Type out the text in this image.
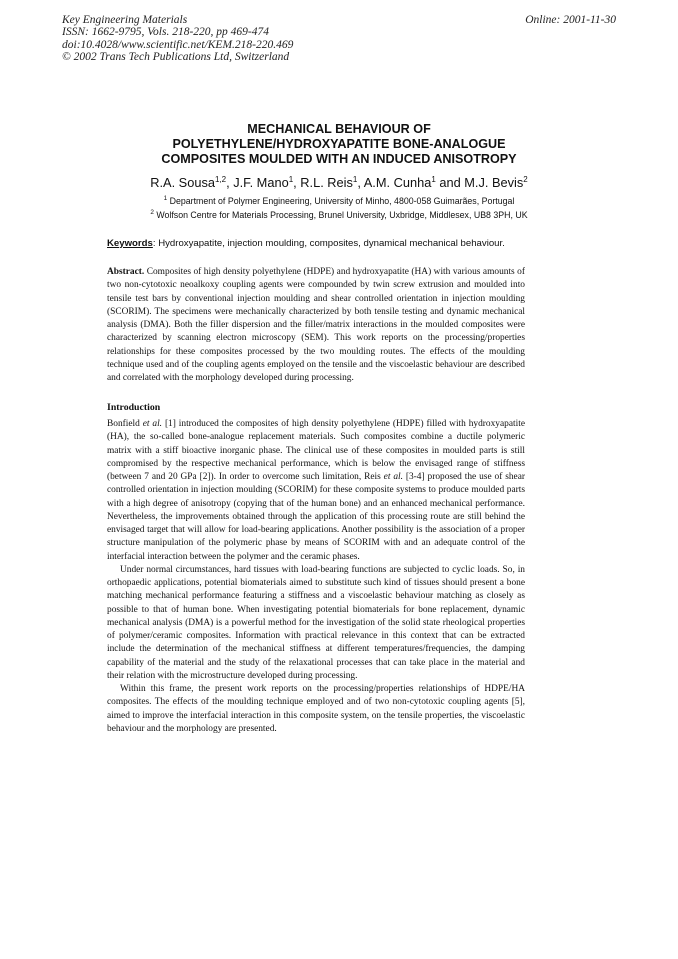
Key Engineering Materials
ISSN: 1662-9795, Vols. 218-220, pp 469-474
doi:10.4028/www.scientific.net/KEM.218-220.469
© 2002 Trans Tech Publications Ltd, Switzerland
Online: 2001-11-30
MECHANICAL BEHAVIOUR OF
POLYETHYLENE/HYDROXYAPATITE BONE-ANALOGUE
COMPOSITES MOULDED WITH AN INDUCED ANISOTROPY
R.A. Sousa$^{1,2}$, J.F. Mano$^1$, R.L. Reis$^1$, A.M. Cunha$^1$ and M.J. Bevis$^2$
$^1$ Department of Polymer Engineering, University of Minho, 4800-058 Guimarães, Portugal
$^2$ Wolfson Centre for Materials Processing, Brunel University, Uxbridge, Middlesex, UB8 3PH, UK
Keywords: Hydroxyapatite, injection moulding, composites, dynamical mechanical behaviour.

Abstract. Composites of high density polyethylene (HDPE) and hydroxyapatite (HA) with various amounts of two non-cytotoxic neoalkoxy coupling agents were compounded by twin screw extrusion and moulded into tensile test bars by conventional injection moulding and shear controlled orientation in injection moulding (SCORIM). The specimens were mechanically characterized by both tensile testing and dynamic mechanical analysis (DMA). Both the filler dispersion and the filler/matrix interactions in the moulded composites were characterized by scanning electron microscopy (SEM). This work reports on the processing/properties relationships for these composites processed by the two moulding routes. The effects of the moulding technique used and of the coupling agents employed on the tensile and the viscoelastic behaviour are described and correlated with the morphology developed during processing.

Introduction

Bonfield et al. [1] introduced the composites of high density polyethylene (HDPE) filled with hydroxyapatite (HA), the so-called bone-analogue replacement materials. Such composites combine a ductile polymeric matrix with a stiff bioactive inorganic phase. The clinical use of these composites in moulded parts is still compromised by the respective mechanical performance, which is below the envisaged range of stiffness (between 7 and 20 GPa [2]). In order to overcome such limitation, Reis et al. [3-4] proposed the use of shear controlled orientation in injection moulding (SCORIM) for these composite systems to produce moulded parts with a high degree of anisotropy (copying that of the human bone) and an enhanced mechanical performance. Nevertheless, the improvements obtained through the application of this processing route are still behind the envisaged target that will allow for load-bearing applications. Another possibility is the association of a proper structure manipulation of the polymeric phase by means of SCORIM with and an adequate control of the interfacial interaction between the polymer and the ceramic phases.

Under normal circumstances, hard tissues with load-bearing functions are subjected to cyclic loads. So, in orthopaedic applications, potential biomaterials aimed to substitute such kind of tissues should present a bone matching mechanical performance featuring a stiffness and a viscoelastic behaviour matching as closely as possible to that of human bone. When investigating potential biomaterials for bone replacement, dynamic mechanical analysis (DMA) is a powerful method for the investigation of the solid state rheological properties of polymer/ceramic composites. Information with practical relevance in this context that can be extracted include the determination of the mechanical stiffness at different temperatures/frequencies, the damping capability of the material and the study of the relaxational processes that can take place in the material and their relation with the microstructure developed during processing.

Within this frame, the present work reports on the processing/properties relationships of HDPE/HA composites. The effects of the moulding technique employed and of two non-cytotoxic coupling agents [5], aimed to improve the interfacial interaction in this composite system, on the tensile properties, the viscoelastic behaviour and the morphology are presented.
